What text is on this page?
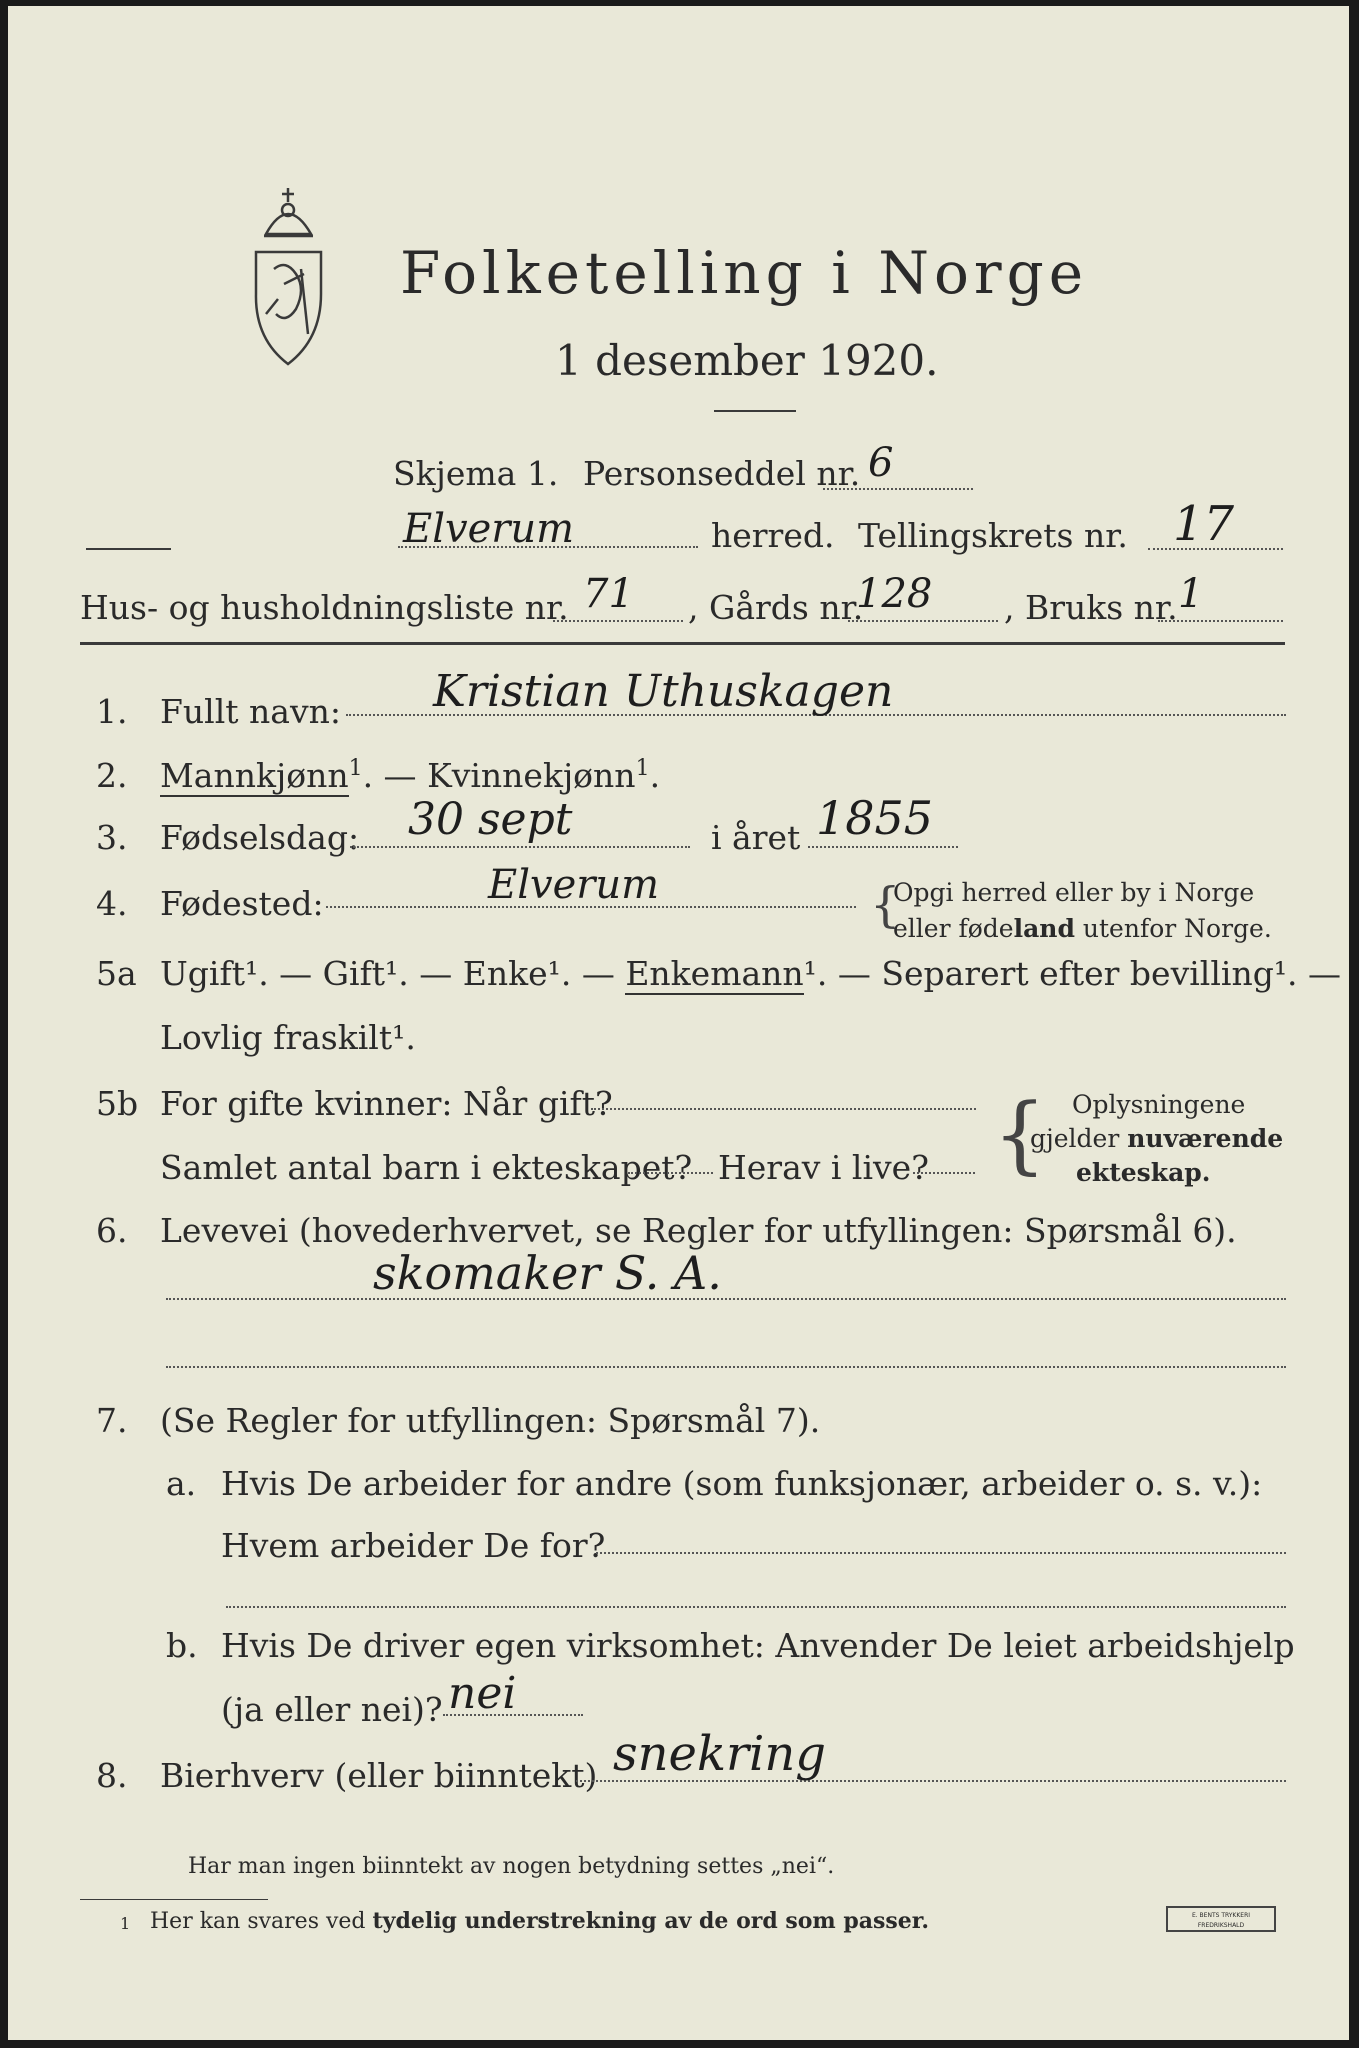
Folketelling i Norge
1 desember 1920.
Skjema 1. Personseddel nr. 6
Elverum	herred. Tellingskrets nr. 17
Hus- og husholdningsliste nr. 71 , Gårds nr.
128 , Bruks nr. 1
1. Fullt navn: Kristian Uthuskagen
2. Mannkjønn$^1$. — Kvinnekjønn$^1$.
3. Fødselsdag: 30 sept	i året 1855
4. Fødested:	Elverum	{
Opgi herred eller by i Norge
eller fødeland utenfor Norge.
5a Ugift¹. — Gift¹. — Enke¹. — Enkemann¹. — Separert efter bevilling¹. —
Lovlig fraskilt¹.
5b For gifte kvinner: Når gift?
Samlet antal barn i ekteskapet? Herav i live? { Oplysningene
gjelder nuværende
ekteskap.
6. Levevei (hovederhvervet, se Regler for utfyllingen: Spørsmål 6).
skomaker S. A.
7. (Se Regler for utfyllingen: Spørsmål 7).
a. Hvis De arbeider for andre (som funksjonær, arbeider o. s. v.):
Hvem arbeider De for?
b. Hvis De driver egen virksomhet: Anvender De leiet arbeidshjelp
(ja eller nei)? nei
8. Bierhverv (eller biinntekt) snekring
Har man ingen biinntekt av nogen betydning settes „nei“.
1 Her kan svares ved tydelig understrekning av de ord som passer.	E. BENTS TRYKKERI FREDRIKSHALD
